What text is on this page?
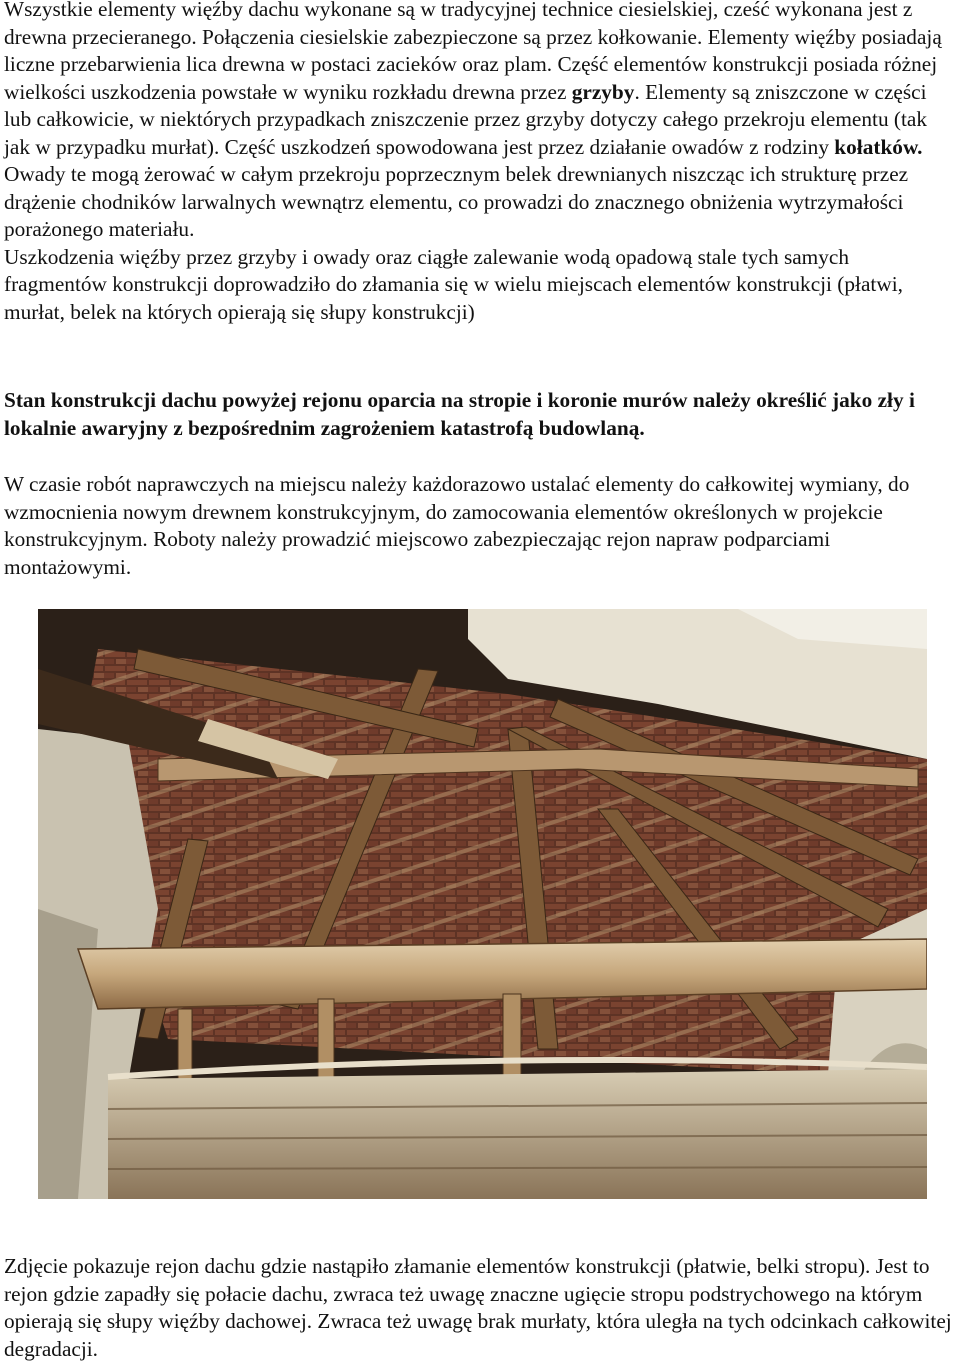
Wszystkie elementy więźby dachu wykonane są w tradycyjnej technice ciesielskiej, cześć wykonana jest z drewna przecieranego. Połączenia ciesielskie zabezpieczone są przez kołkowanie. Elementy więźby posiadają liczne przebarwienia lica drewna w postaci zacieków oraz plam. Część elementów konstrukcji posiada różnej wielkości uszkodzenia powstałe w wyniku rozkładu drewna przez grzyby. Elementy są zniszczone w części lub całkowicie, w niektórych przypadkach zniszczenie przez grzyby dotyczy całego przekroju elementu (tak jak w przypadku murłat). Część uszkodzeń spowodowana jest przez działanie owadów z rodziny kołatków.
Owady te mogą żerować w całym przekroju poprzecznym belek drewnianych niszcząc ich strukturę przez drążenie chodników larwalnych wewnątrz elementu, co prowadzi do znacznego obniżenia wytrzymałości porażonego materiału.
Uszkodzenia więźby przez grzyby i owady oraz ciągłe zalewanie wodą opadową stale tych samych fragmentów konstrukcji doprowadziło do złamania się w wielu miejscach elementów konstrukcji (płatwi, murłat, belek na których opierają się słupy konstrukcji)

Stan konstrukcji dachu powyżej rejonu oparcia na stropie i koronie murów należy określić jako zły i lokalnie awaryjny z bezpośrednim zagrożeniem katastrofą budowlaną.

W czasie robót naprawczych na miejscu należy każdorazowo ustalać elementy do całkowitej wymiany, do wzmocnienia nowym drewnem konstrukcyjnym, do zamocowania elementów określonych w projekcie konstrukcyjnym. Roboty należy prowadzić miejscowo zabezpieczając rejon napraw podparciami montażowymi.

Zdjęcie pokazuje rejon dachu gdzie nastąpiło złamanie elementów konstrukcji (płatwie, belki stropu). Jest to rejon gdzie zapadły się połacie dachu, zwraca też uwagę znaczne ugięcie stropu podstrychowego na którym opierają się słupy więźby dachowej. Zwraca też uwagę brak murłaty, która uległa na tych odcinkach całkowitej degradacji.
